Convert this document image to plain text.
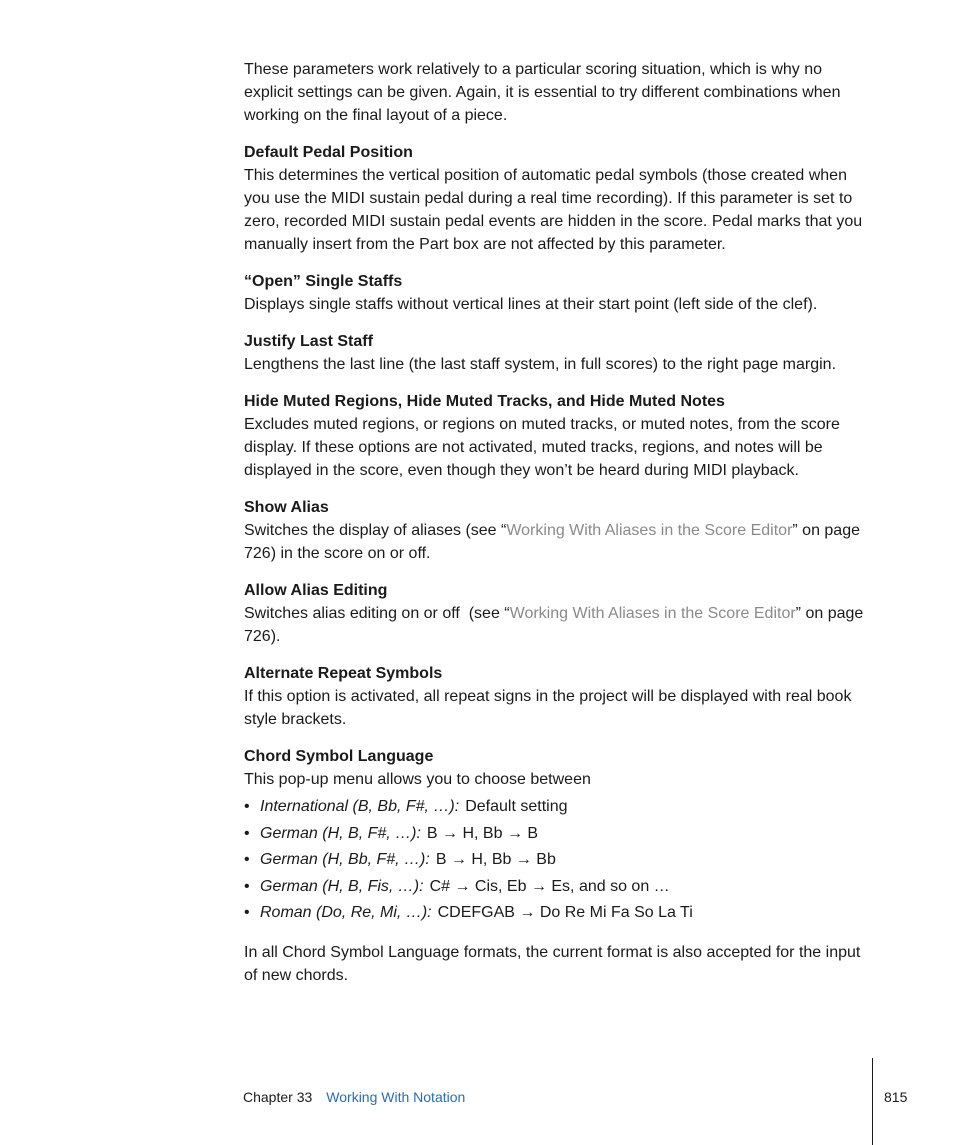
These parameters work relatively to a particular scoring situation, which is why no explicit settings can be given. Again, it is essential to try different combinations when working on the final layout of a piece.

Default Pedal Position

This determines the vertical position of automatic pedal symbols (those created when you use the MIDI sustain pedal during a real time recording). If this parameter is set to zero, recorded MIDI sustain pedal events are hidden in the score. Pedal marks that you manually insert from the Part box are not affected by this parameter.

“Open” Single Staffs

Displays single staffs without vertical lines at their start point (left side of the clef).

Justify Last Staff

Lengthens the last line (the last staff system, in full scores) to the right page margin.

Hide Muted Regions, Hide Muted Tracks, and Hide Muted Notes

Excludes muted regions, or regions on muted tracks, or muted notes, from the score display. If these options are not activated, muted tracks, regions, and notes will be displayed in the score, even though they won’t be heard during MIDI playback.

Show Alias

Switches the display of aliases (see “Working With Aliases in the Score Editor” on page 726) in the score on or off.

Allow Alias Editing

Switches alias editing on or off  (see “Working With Aliases in the Score Editor” on page 726).

Alternate Repeat Symbols

If this option is activated, all repeat signs in the project will be displayed with real book style brackets.

Chord Symbol Language

This pop-up menu allows you to choose between

• International (B, Bb, F#, …): Default setting
• German (H, B, F#, …): B → H, Bb → B
• German (H, Bb, F#, …): B → H, Bb → Bb
• German (H, B, Fis, …): C# → Cis, Eb → Es, and so on …
• Roman (Do, Re, Mi, …): CDEFGAB → Do Re Mi Fa So La Ti

In all Chord Symbol Language formats, the current format is also accepted for the input of new chords.

Chapter 33 Working With Notation	815
